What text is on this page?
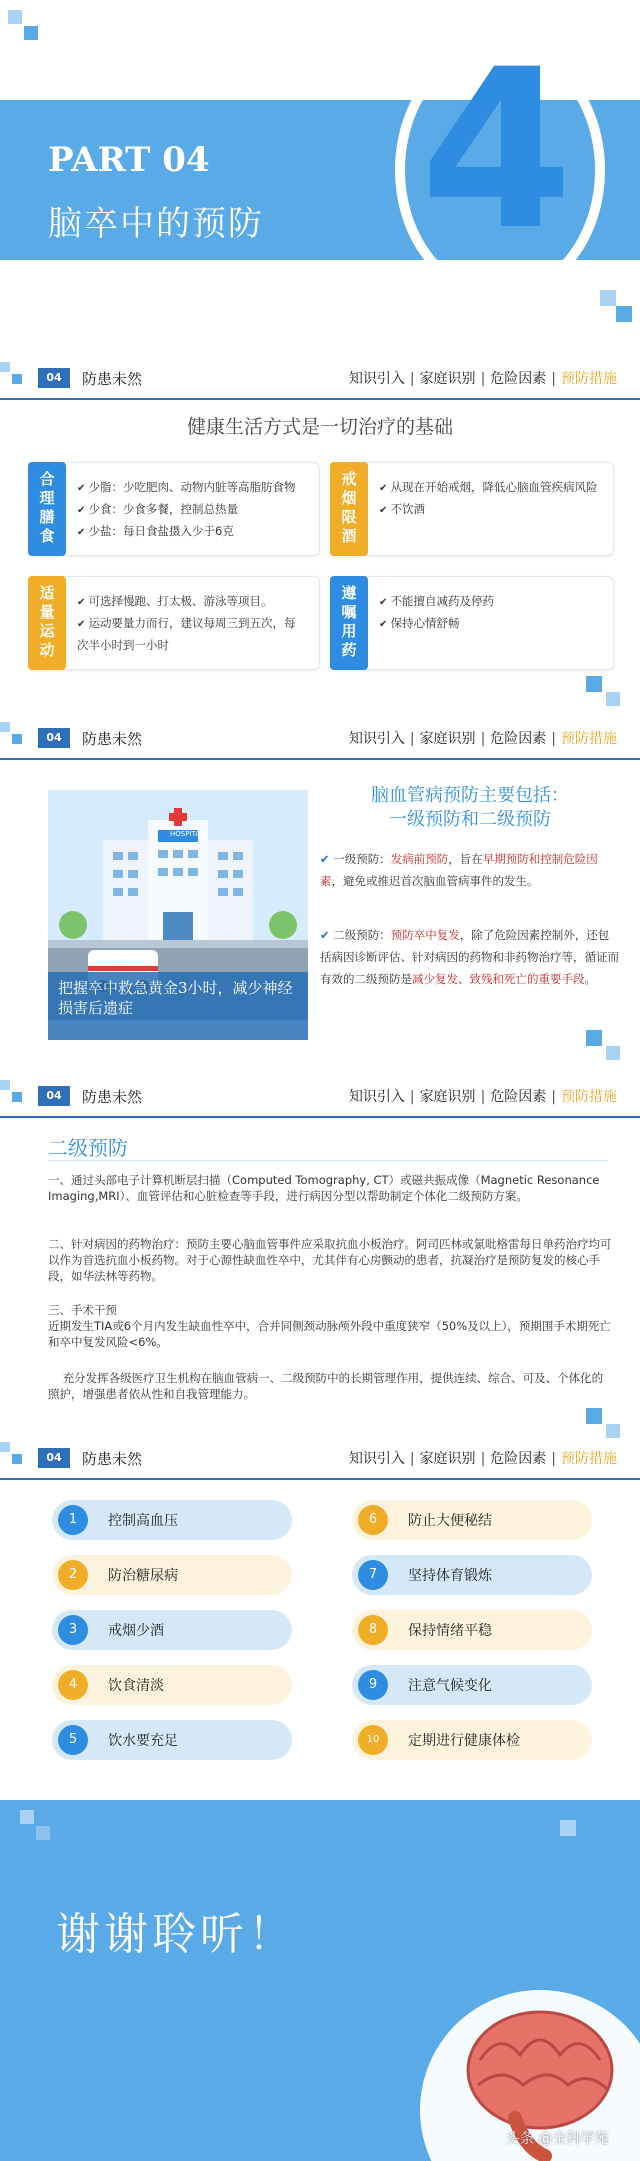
4
PART 04
脑卒中的预防
04	防患未然	知识引入 | 家庭识别 | 危险因素 | 预防措施
健康生活方式是一切治疗的基础
合理膳食	✔ 少脂：少吃肥肉、动物内脏等高脂肪食物
✔ 少食：少食多餐，控制总热量
✔ 少盐：每日食盐摄入少于6克	戒烟限酒	✔ 从现在开始戒烟，降低心脑血管疾病风险
✔ 不饮酒
适量运动	✔ 可选择慢跑、打太极、游泳等项目。
✔ 运动要量力而行，建议每周三到五次，每次半小时到一小时	遵嘱用药	✔ 不能擅自减药及停药
✔ 保持心情舒畅
04	防患未然	知识引入 | 家庭识别 | 危险因素 | 预防措施
HOSPITAL
把握卒中救急黄金3小时，减少神经损害后遗症
脑血管病预防主要包括：
一级预防和二级预防
✔ 一级预防：发病前预防，旨在早期预防和控制危险因素，避免或推迟首次脑血管病事件的发生。
✔ 二级预防：预防卒中复发，除了危险因素控制外，还包括病因诊断评估、针对病因的药物和非药物治疗等，循证而有效的二级预防是减少复发、致残和死亡的重要手段。
04	防患未然	知识引入 | 家庭识别 | 危险因素 | 预防措施
二级预防
一、通过头部电子计算机断层扫描（Computed Tomography, CT）或磁共振成像（Magnetic Resonance Imaging,MRI）、血管评估和心脏检查等手段，进行病因分型以帮助制定个体化二级预防方案。
二、针对病因的药物治疗：预防主要心脑血管事件应采取抗血小板治疗。阿司匹林或氯吡格雷每日单药治疗均可以作为首选抗血小板药物。对于心源性缺血性卒中，尤其伴有心房颤动的患者，抗凝治疗是预防复发的核心手段，如华法林等药物。
三、手术干预
近期发生TIA或6个月内发生缺血性卒中，合并同侧颈动脉颅外段中重度狭窄（50%及以上），预期围手术期死亡和卒中复发风险<6%。
充分发挥各级医疗卫生机构在脑血管病一、二级预防中的长期管理作用，提供连续、综合、可及、个体化的照护，增强患者依从性和自我管理能力。
04	防患未然	知识引入 | 家庭识别 | 危险因素 | 预防措施
1	控制高血压
2	防治糖尿病
3	戒烟少酒
4	饮食清淡
5	饮水要充足
6	防止大便秘结
7	坚持体育锻炼
8	保持情绪平稳
9	注意气候变化
10	定期进行健康体检
谢谢聆听！
头条 @全科学苑
